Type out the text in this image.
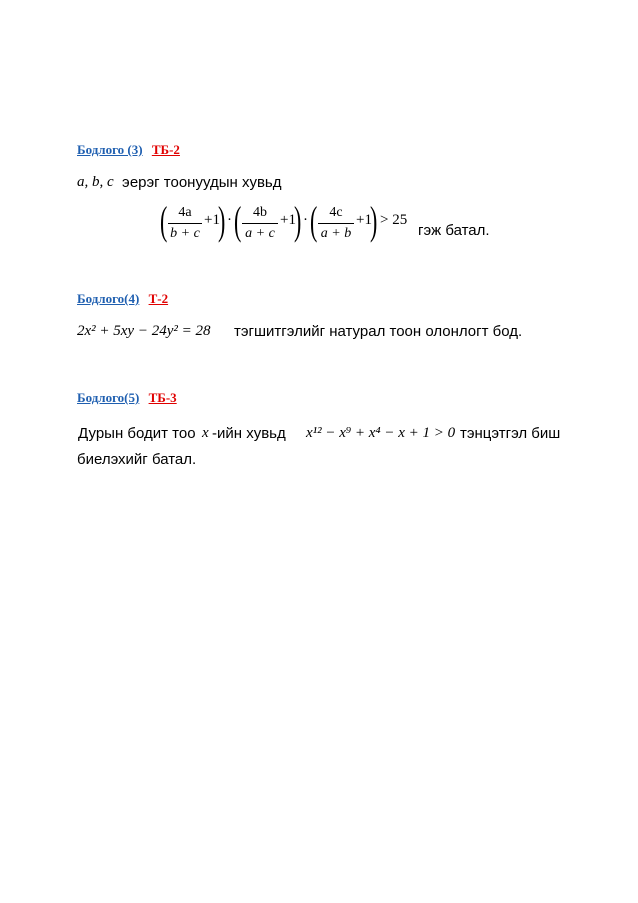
Бодлого (3) ТБ-2
a, b, c эерэг тоонуудын хувьд
( 4a
b + c
+1
) · ( 4b
a + c
+1
) · ( 4c
a + b
+1
) > 25
гэж батал.
Бодлого(4) Т-2
2x² + 5xy − 24y² = 28 тэгшитгэлийг натурал тоон олонлогт бод.
Бодлого(5) ТБ-3
Дурын бодит тоо x -ийн хувьд x¹² − x⁹ + x⁴ − x + 1 > 0 тэнцэтгэл биш
биелэхийг батал.
